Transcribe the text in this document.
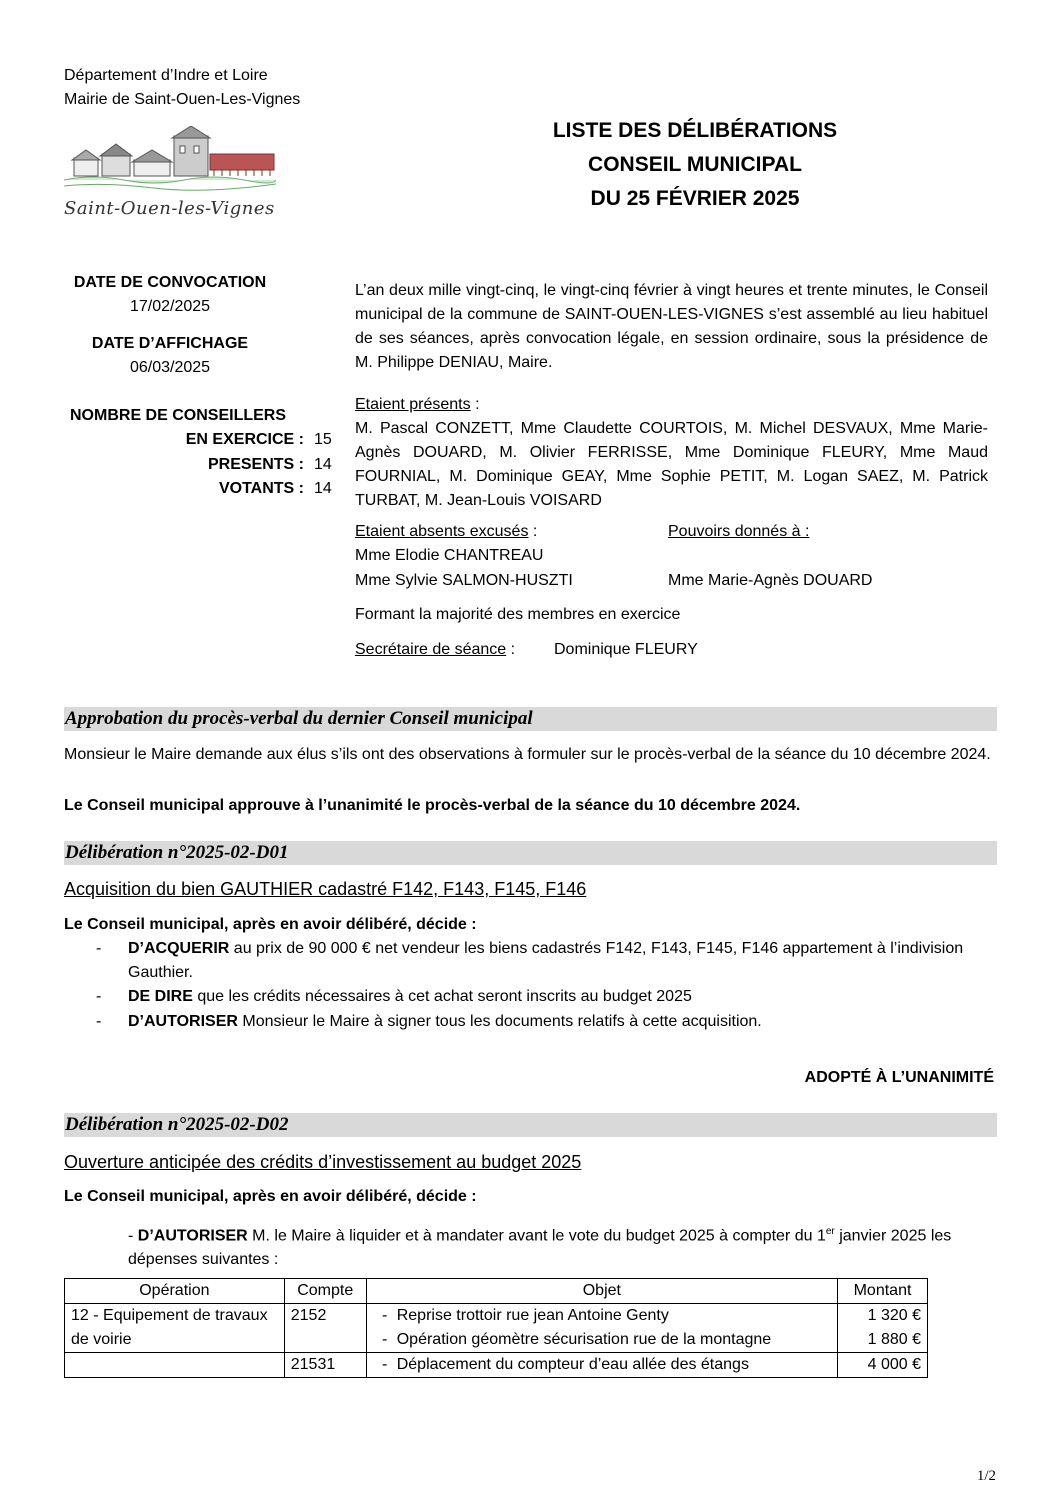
Département d’Indre et Loire
Mairie de Saint-Ouen-Les-Vignes
Saint-Ouen-les-Vignes
LISTE DES DÉLIBÉRATIONS
CONSEIL MUNICIPAL
DU 25 FÉVRIER 2025
DATE DE CONVOCATION
17/02/2025
DATE D’AFFICHAGE
06/03/2025
NOMBRE DE CONSEILLERS
EN EXERCICE : 15
PRESENTS : 14
VOTANTS : 14
L’an deux mille vingt-cinq, le vingt-cinq février à vingt heures et trente minutes, le Conseil municipal de la commune de SAINT-OUEN-LES-VIGNES s’est assemblé au lieu habituel de ses séances, après convocation légale, en session ordinaire, sous la présidence de M. Philippe DENIAU, Maire.
Etaient présents :
M. Pascal CONZETT, Mme Claudette COURTOIS, M. Michel DESVAUX, Mme Marie-Agnès DOUARD, M. Olivier FERRISSE, Mme Dominique FLEURY, Mme Maud FOURNIAL, M. Dominique GEAY, Mme Sophie PETIT, M. Logan SAEZ, M. Patrick TURBAT, M. Jean-Louis VOISARD
Etaient absents excusés :	Pouvoirs donnés à :
Mme Elodie CHANTREAU
Mme Sylvie SALMON-HUSZTI	Mme Marie-Agnès DOUARD
Formant la majorité des membres en exercice
Secrétaire de séance : Dominique FLEURY
Approbation du procès-verbal du dernier Conseil municipal
Monsieur le Maire demande aux élus s’ils ont des observations à formuler sur le procès-verbal de la séance du 10 décembre 2024.
Le Conseil municipal approuve à l’unanimité le procès-verbal de la séance du 10 décembre 2024.
Délibération n°2025-02-D01
Acquisition du bien GAUTHIER cadastré F142, F143, F145, F146
Le Conseil municipal, après en avoir délibéré, décide :
- D’ACQUERIR au prix de 90 000 € net vendeur les biens cadastrés F142, F143, F145, F146 appartement à l’indivision Gauthier.
- DE DIRE que les crédits nécessaires à cet achat seront inscrits au budget 2025
- D’AUTORISER Monsieur le Maire à signer tous les documents relatifs à cette acquisition.
ADOPTÉ À L’UNANIMITÉ
Délibération n°2025-02-D02
Ouverture anticipée des crédits d’investissement au budget 2025
Le Conseil municipal, après en avoir délibéré, décide :
- D’AUTORISER M. le Maire à liquider et à mandater avant le vote du budget 2025 à compter du 1er janvier 2025 les dépenses suivantes :
Opération	Compte	Objet	Montant
12 - Equipement de travaux de voirie	2152	- Reprise trottoir rue jean Antoine Genty	1 320 €
		- Opération géomètre sécurisation rue de la montagne	1 880 €
	21531	- Déplacement du compteur d’eau allée des étangs	4 000 €
1/2
